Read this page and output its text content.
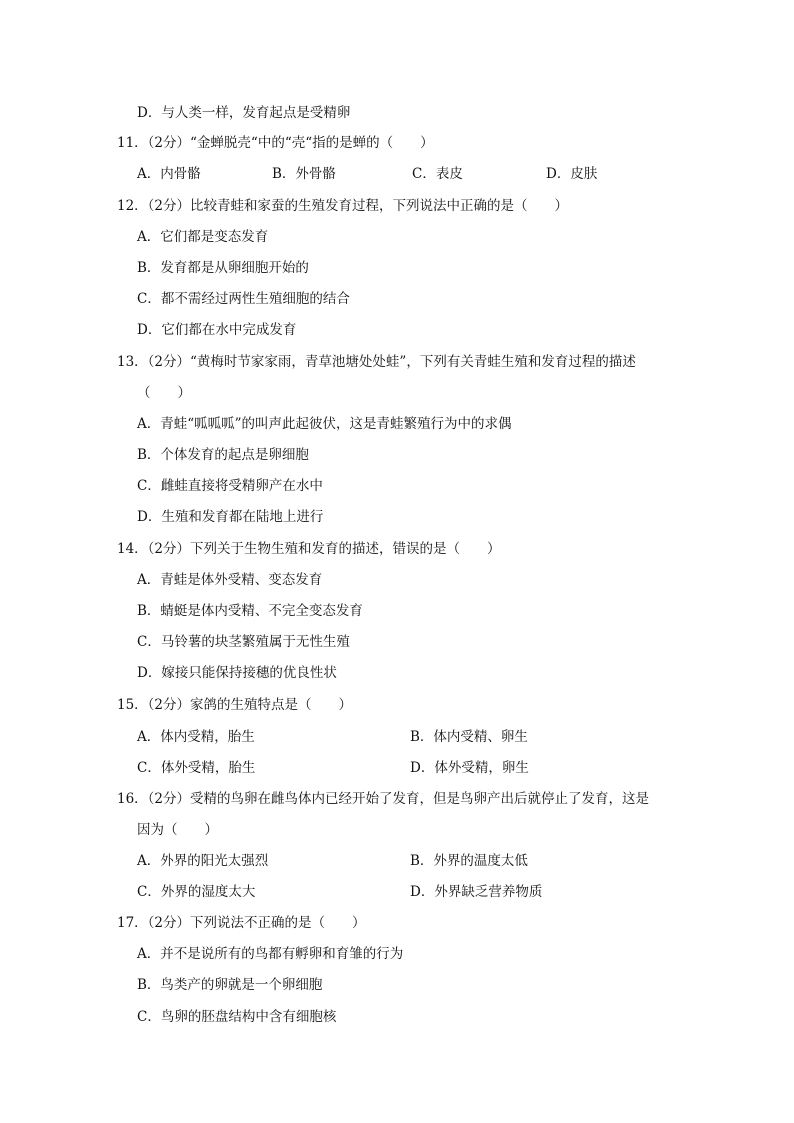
D．与人类一样，发育起点是受精卵
11．（2分）“金蝉脱壳“中的“壳“指的是蝉的（　　）
A．内骨骼	B．外骨骼	C．表皮	D．皮肤
12．（2分）比较青蛙和家蚕的生殖发育过程，下列说法中正确的是（　　）
A．它们都是变态发育
B．发育都是从卵细胞开始的
C．都不需经过两性生殖细胞的结合
D．它们都在水中完成发育
13．（2分）“黄梅时节家家雨，青草池塘处处蛙”，下列有关青蛙生殖和发育过程的描述
（　　）
A．青蛙“呱呱呱”的叫声此起彼伏，这是青蛙繁殖行为中的求偶
B．个体发育的起点是卵细胞
C．雌蛙直接将受精卵产在水中
D．生殖和发育都在陆地上进行
14．（2分）下列关于生物生殖和发育的描述，错误的是（　　）
A．青蛙是体外受精、变态发育
B．蜻蜓是体内受精、不完全变态发育
C．马铃薯的块茎繁殖属于无性生殖
D．嫁接只能保持接穗的优良性状
15．（2分）家鸽的生殖特点是（　　）
A．体内受精，胎生	B．体内受精、卵生
C．体外受精，胎生	D．体外受精，卵生
16．（2分）受精的鸟卵在雌鸟体内已经开始了发育，但是鸟卵产出后就停止了发育，这是
因为（　　）
A．外界的阳光太强烈	B．外界的温度太低
C．外界的湿度太大	D．外界缺乏营养物质
17．（2分）下列说法不正确的是（　　）
A．并不是说所有的鸟都有孵卵和育雏的行为
B．鸟类产的卵就是一个卵细胞
C．鸟卵的胚盘结构中含有细胞核
